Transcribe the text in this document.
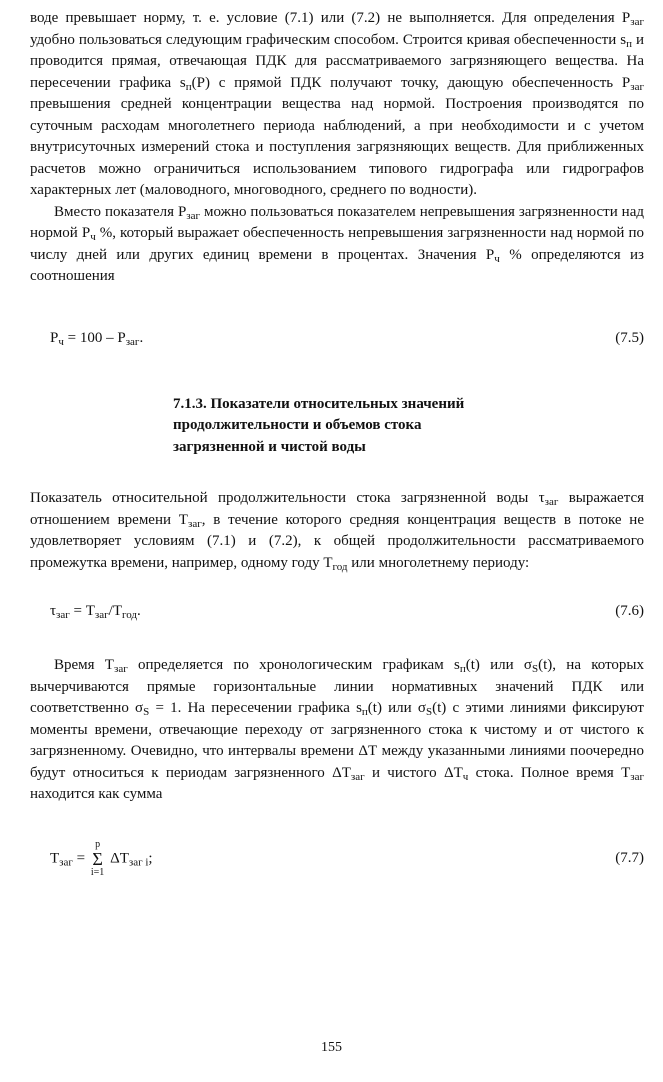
воде превышает норму, т. е. условие (7.1) или (7.2) не выполняется. Для определения $Р_{заг}$ удобно пользоваться следующим графическим способом. Строится кривая обеспеченности $s_п$ и проводится прямая, отвечающая ПДК для рассматриваемого загрязняющего вещества. На пересечении графика $s_п(Р)$ с прямой ПДК получают точку, дающую обеспеченность $Р_{заг}$ превышения средней концентрации вещества над нормой. Построения производятся по суточным расходам многолетнего периода наблюдений, а при необходимости и с учетом внутрисуточных измерений стока и поступления загрязняющих веществ. Для приближенных расчетов можно ограничиться использованием типового гидрографа или гидрографов характерных лет (маловодного, многоводного, среднего по водности).

Вместо показателя $Р_{заг}$ можно пользоваться показателем непревышения загрязненности над нормой $Р_ч$ %, который выражает обеспеченность непревышения загрязненности над нормой по числу дней или других единиц времени в процентах. Значения $Р_ч$ % определяются из соотношения

$Р_ч = 100 - Р_{заг}$.	(7.5)
7.1.3. Показатели относительных значений
продолжительности и объемов стока
загрязненной и чистой воды

Показатель относительной продолжительности стока загрязненной воды $\tau_{заг}$ выражается отношением времени $Т_{заг}$, в течение которого средняя концентрация веществ в потоке не удовлетворяет условиям (7.1) и (7.2), к общей продолжительности рассматриваемого промежутка времени, например, одному году $Т_{год}$ или многолетнему периоду:

$\tau_{заг} = Т_{заг}/Т_{год}$.	(7.6)

Время $Т_{заг}$ определяется по хронологическим графикам $s_п(t)$ или $\sigma_S(t)$, на которых вычерчиваются прямые горизонтальные линии нормативных значений ПДК или соответственно $\sigma_S = 1$. На пересечении графика $s_п(t)$ или $\sigma_S(t)$ с этими линиями фиксируют моменты времени, отвечающие переходу от загрязненного стока к чистому и от чистого к загрязненному. Очевидно, что интервалы времени ΔТ между указанными линиями поочередно будут относиться к периодам загрязненного $\Delta Т_{заг}$ и чистого $\Delta Т_ч$ стока. Полное время $Т_{заг}$ находится как сумма

$Т_{заг}$ =
p
Σ
i=1
$\Delta Т_{заг i}$;	(7.7)
155
